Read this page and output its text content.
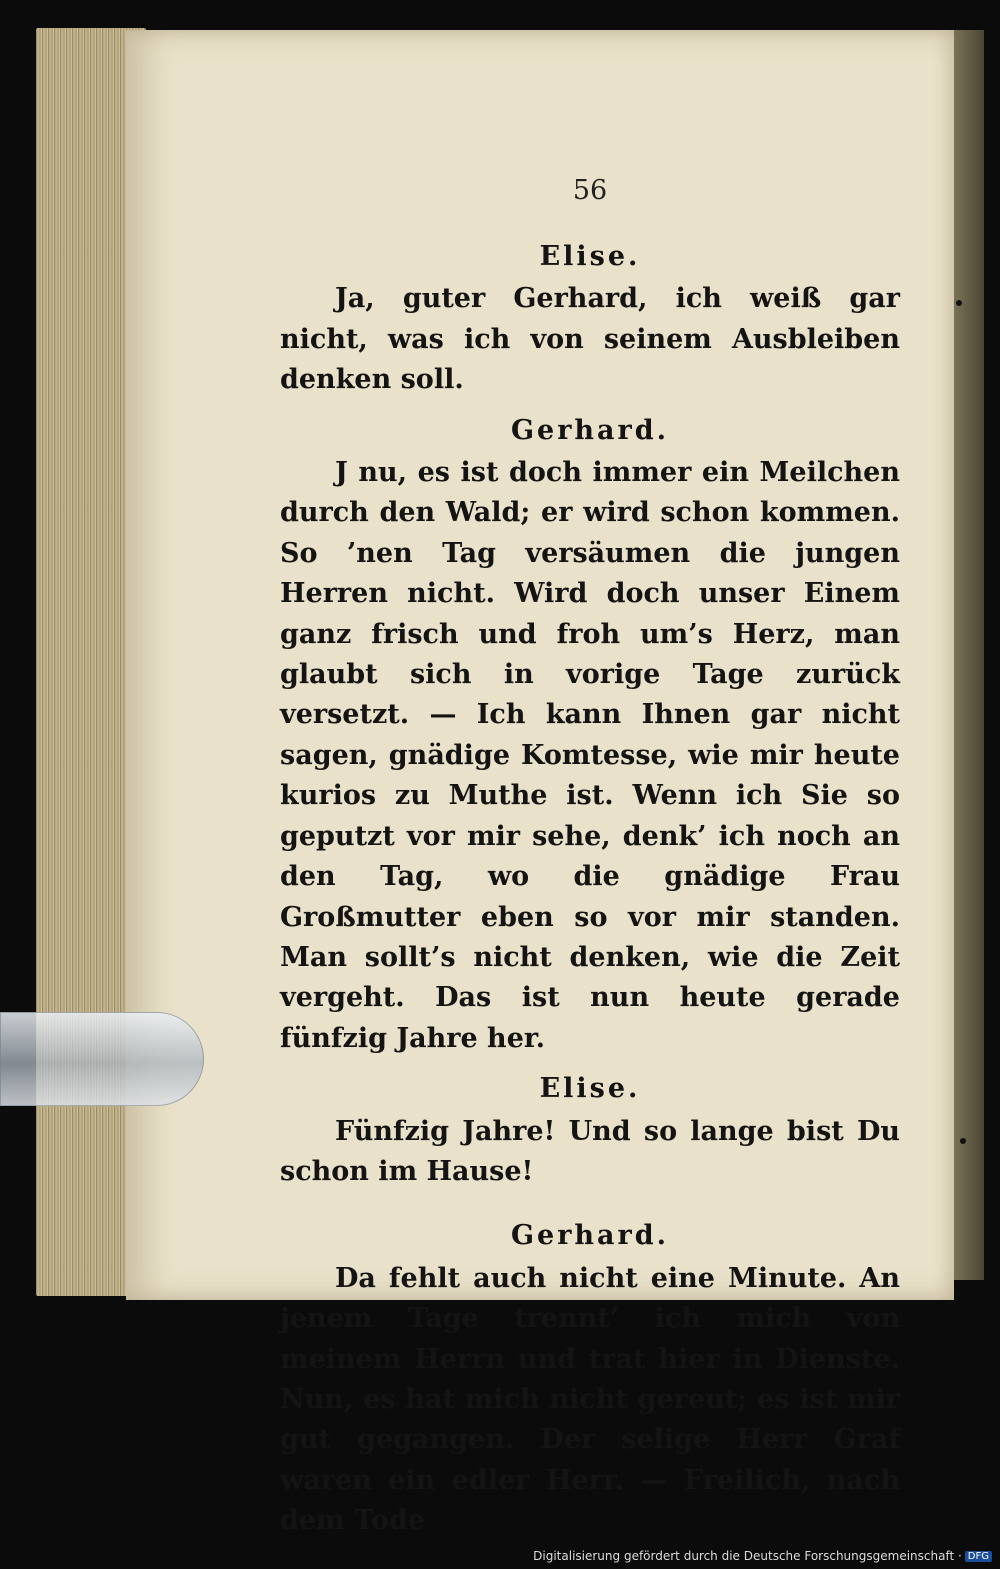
56
Elise.

Ja, guter Gerhard, ich weiß gar nicht, was ich von seinem Ausbleiben denken soll.

Gerhard.

J nu, es ist doch immer ein Meilchen durch den Wald; er wird schon kommen. So ’nen Tag versäumen die jungen Herren nicht. Wird doch unser Einem ganz frisch und froh um’s Herz, man glaubt sich in vorige Tage zurück versetzt. — Ich kann Ihnen gar nicht sagen, gnädige Komtesse, wie mir heute kurios zu Muthe ist. Wenn ich Sie so geputzt vor mir sehe, denk’ ich noch an den Tag, wo die gnädige Frau Großmutter eben so vor mir standen. Man sollt’s nicht denken, wie die Zeit vergeht. Das ist nun heute gerade fünfzig Jahre her.

Elise.

Fünfzig Jahre! Und so lange bist Du schon im Hause!

Gerhard.

Da fehlt auch nicht eine Minute. An jenem Tage trennt’ ich mich von meinem Herrn und trat hier in Dienste. Nun, es hat mich nicht gereut; es ist mir gut gegangen. Der selige Herr Graf waren ein edler Herr. — Freilich, nach dem Tode

Digitalisierung gefördert durch die Deutsche Forschungsgemeinschaft · DFG
